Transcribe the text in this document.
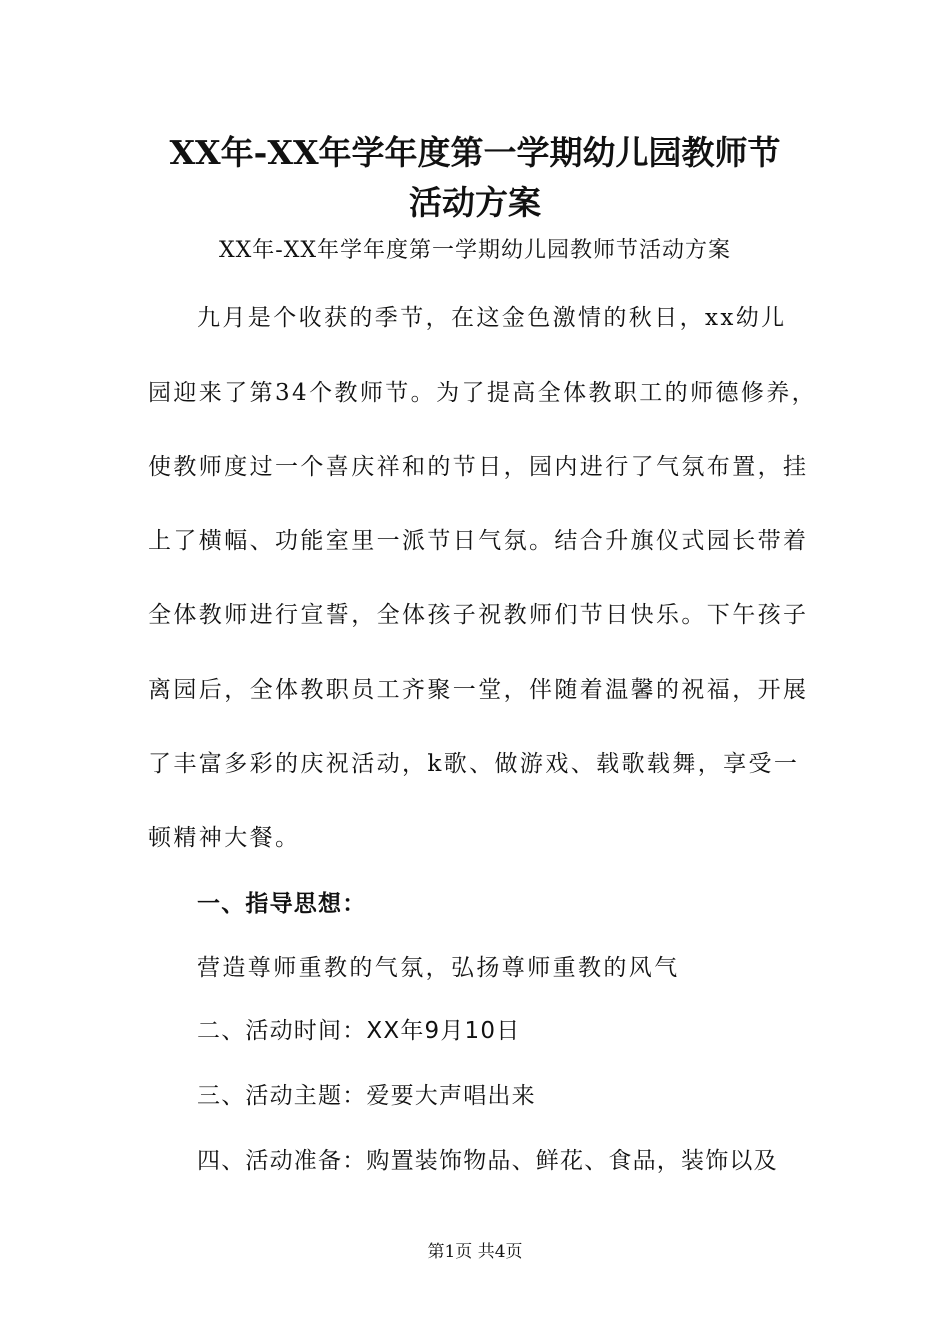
XX年-XX年学年度第一学期幼儿园教师节
活动方案
XX年-XX年学年度第一学期幼儿园教师节活动方案
九月是个收获的季节，在这金色激情的秋日，xx幼儿
园迎来了第34个教师节。为了提高全体教职工的师德修养，
使教师度过一个喜庆祥和的节日，园内进行了气氛布置，挂
上了横幅、功能室里一派节日气氛。结合升旗仪式园长带着
全体教师进行宣誓，全体孩子祝教师们节日快乐。下午孩子
离园后，全体教职员工齐聚一堂，伴随着温馨的祝福，开展
了丰富多彩的庆祝活动，k歌、做游戏、载歌载舞，享受一
顿精神大餐。
一、指导思想：
营造尊师重教的气氛，弘扬尊师重教的风气
二、活动时间：XX年9月10日
三、活动主题：爱要大声唱出来
四、活动准备：购置装饰物品、鲜花、食品，装饰以及
第1页 共4页
